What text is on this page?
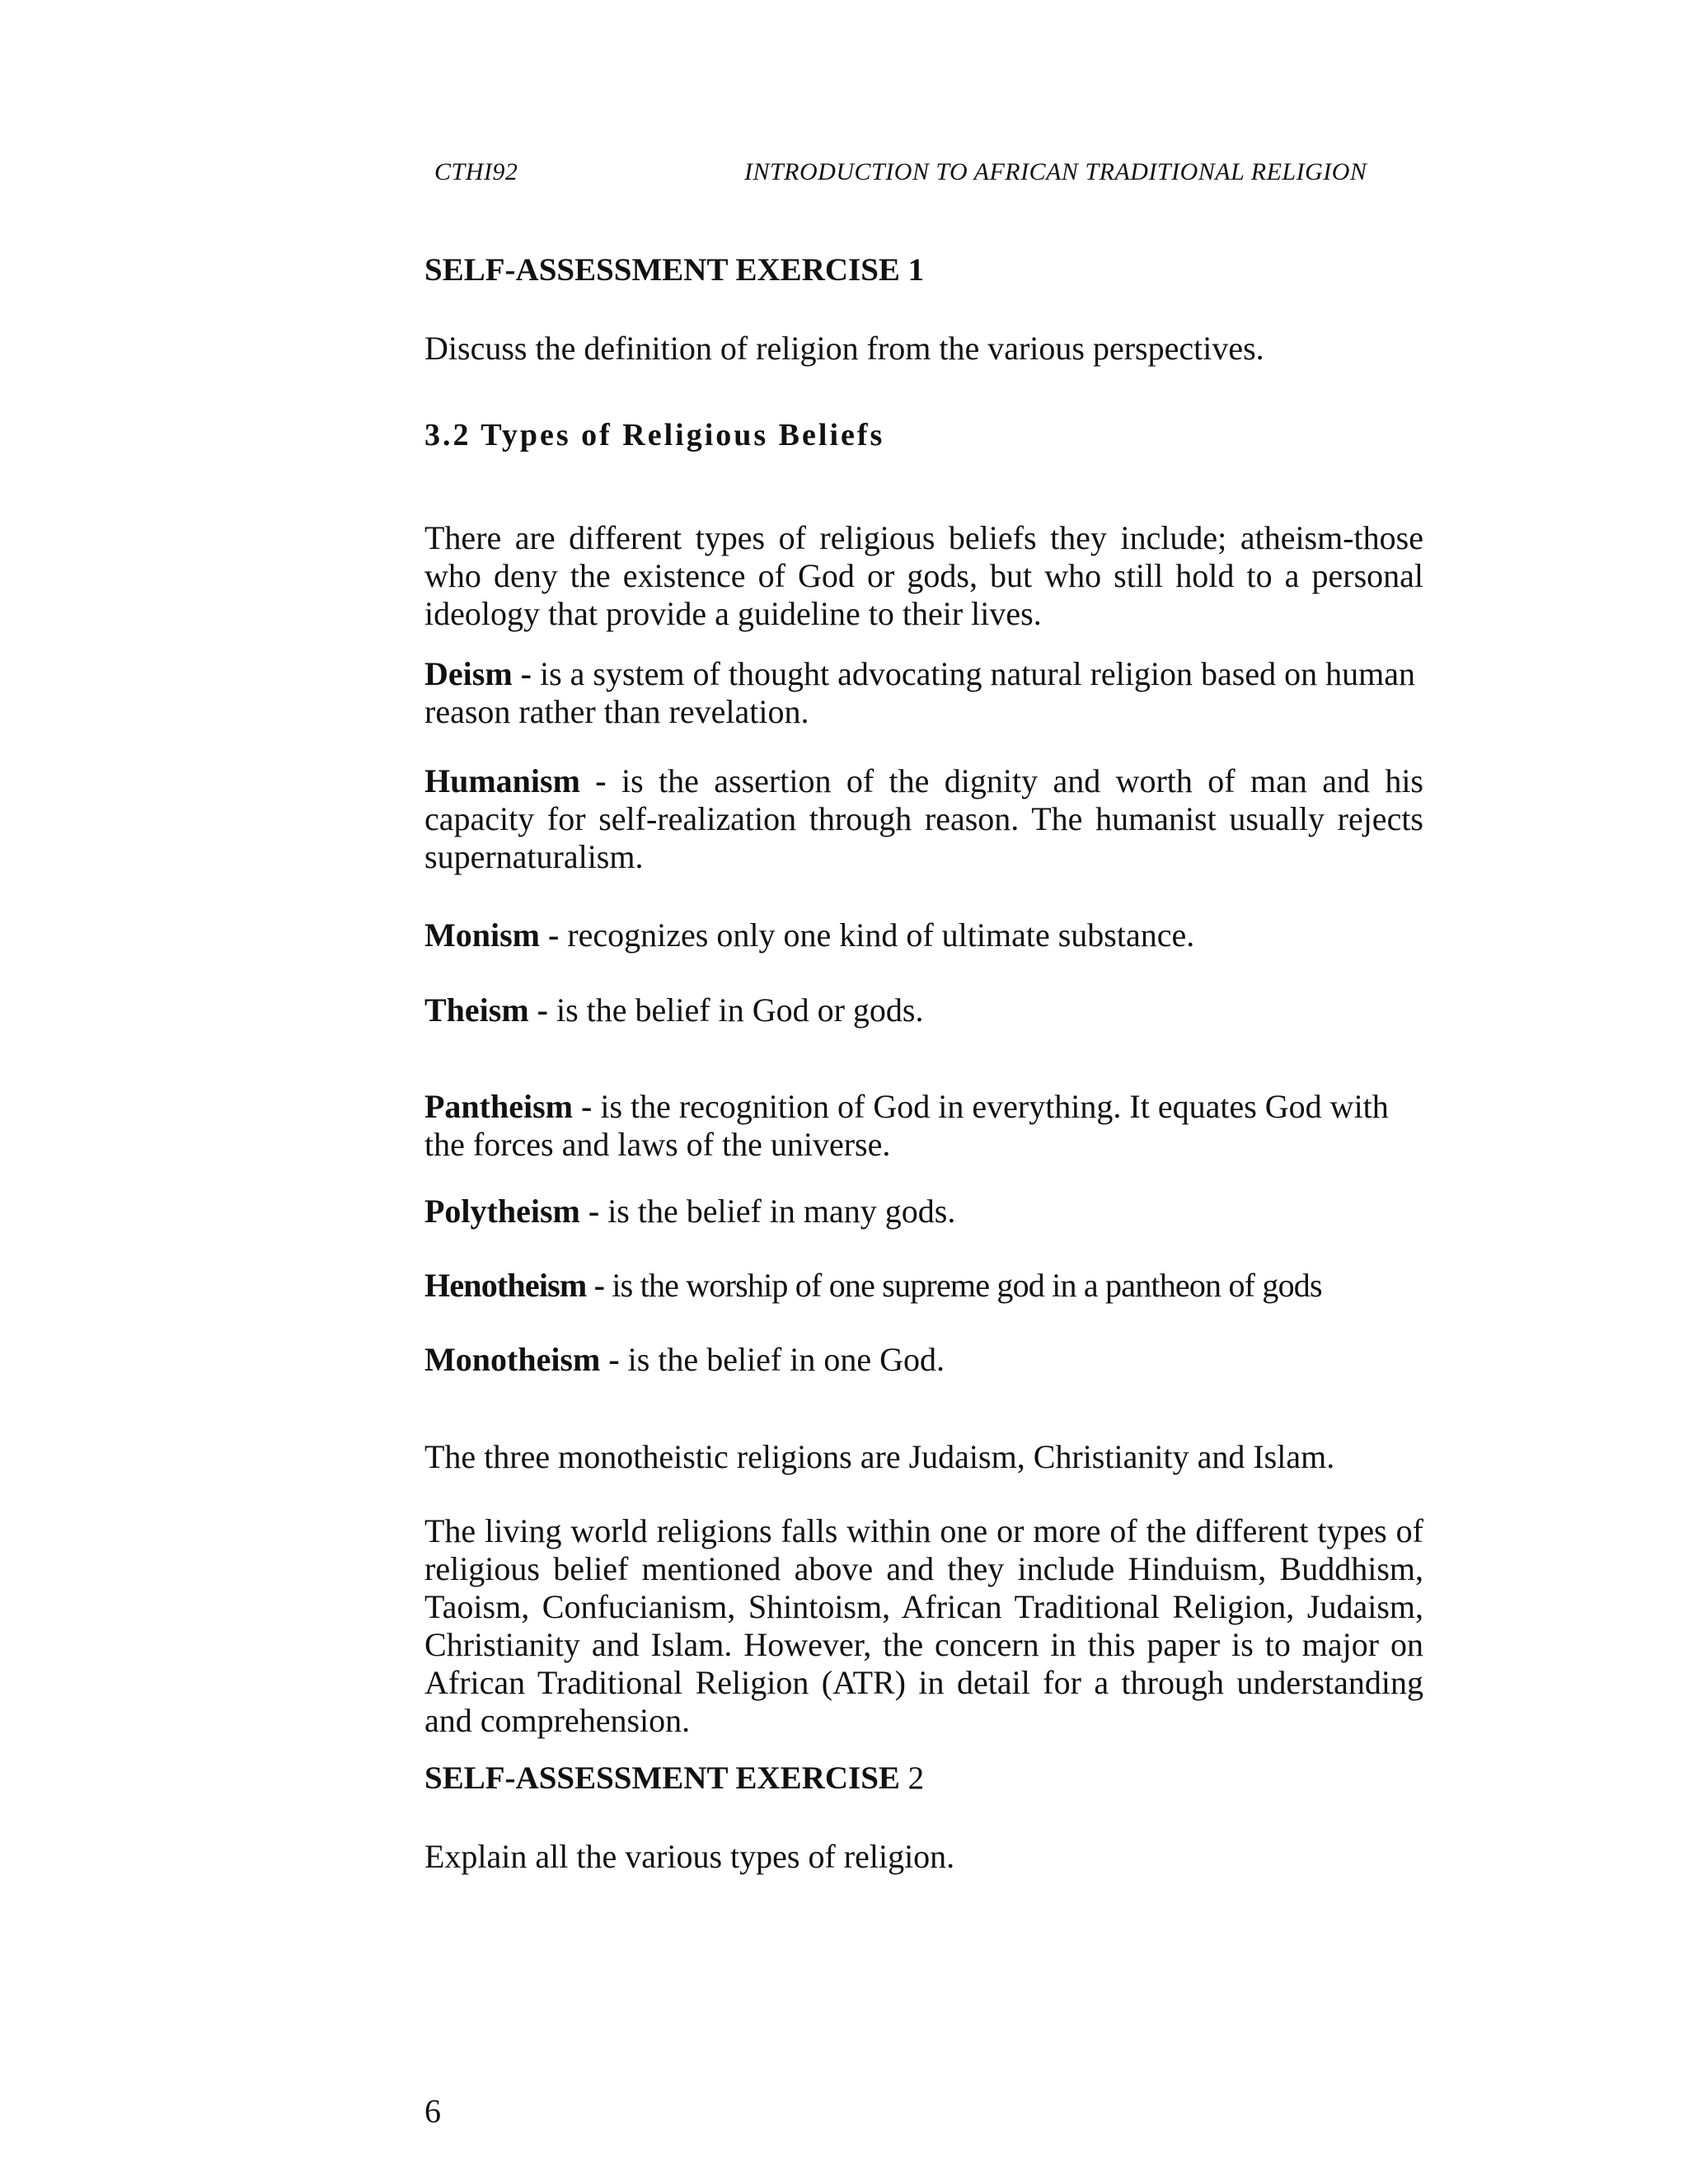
CTHI92	INTRODUCTION TO AFRICAN TRADITIONAL RELIGION
SELF-ASSESSMENT EXERCISE 1
Discuss the definition of religion from the various perspectives.
3.2 Types of Religious Beliefs
There are different types of religious beliefs they include; atheism-those who deny the existence of God or gods, but who still hold to a personal ideology that provide a guideline to their lives.
Deism - is a system of thought advocating natural religion based on human reason rather than revelation.
Humanism - is the assertion of the dignity and worth of man and his capacity for self-realization through reason. The humanist usually rejects supernaturalism.
Monism - recognizes only one kind of ultimate substance.
Theism - is the belief in God or gods.
Pantheism - is the recognition of God in everything. It equates God with the forces and laws of the universe.
Polytheism - is the belief in many gods.
Henotheism - is the worship of one supreme god in a pantheon of gods
Monotheism - is the belief in one God.
The three monotheistic religions are Judaism, Christianity and Islam.
The living world religions falls within one or more of the different types of religious belief mentioned above and they include Hinduism, Buddhism, Taoism, Confucianism, Shintoism, African Traditional Religion, Judaism, Christianity and Islam. However, the concern in this paper is to major on African Traditional Religion (ATR) in detail for a through understanding and comprehension.
SELF-ASSESSMENT EXERCISE 2
Explain all the various types of religion.
6
